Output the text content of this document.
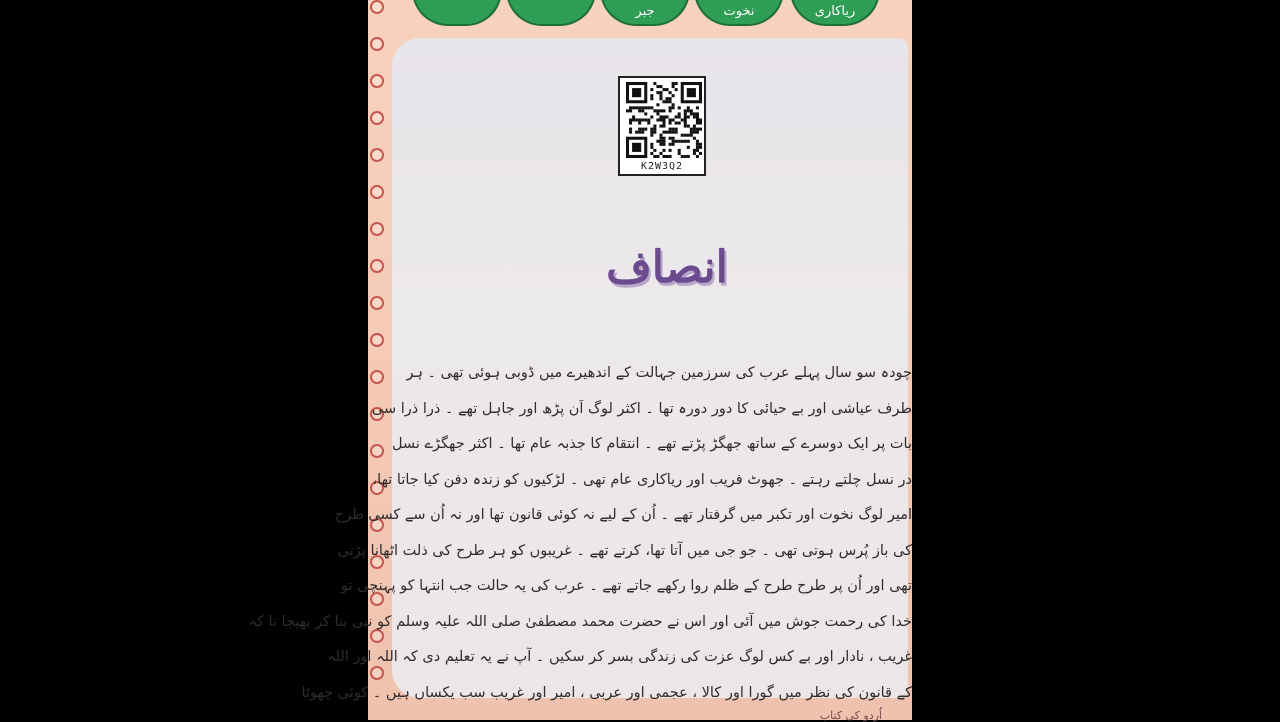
ریاکاری
نخوت
جبر
K2W3Q2
انصاف
چودہ سو سال پہلے عرب کی سرزمین جہالت کے اندھیرے میں ڈوبی ہوئی تھی ۔ ہر
طرف عیاشی اور بے حیائی کا دور دورہ تھا ۔ اکثر لوگ اَن پڑھ اور جاہل تھے ۔ ذرا ذرا سی
بات پر ایک دوسرے کے ساتھ جھگڑ پڑتے تھے ۔ انتقام کا جذبہ عام تھا ۔ اکثر جھگڑے نسل
در نسل چلتے رہتے ۔ جھوٹ فریب اور ریاکاری عام تھی ۔ لڑکیوں کو زندہ دفن کیا جاتا تھا،
امیر لوگ نخوت اور تکبر میں گرفتار تھے ۔ اُن کے لیے نہ کوئی قانون تھا اور نہ اُن سے کسی طرح
کی باز پُرس ہوتی تھی ۔ جو جی میں آتا تھا، کرتے تھے ۔ غریبوں کو ہر طرح کی ذلت اٹھانا پڑتی
تھی اور اُن پر طرح طرح کے ظلم روا رکھے جاتے تھے ۔ عرب کی یہ حالت جب انتہا کو پہنچی تو
خدا کی رحمت جوش میں آئی اور اس نے حضرت محمد مصطفیٰ صلی اللہ علیہ وسلم کو نبی بنا کر بھیجا تا کہ
غریب ، نادار اور بے کس لوگ عزت کی زندگی بسر کر سکیں ۔ آپ نے یہ تعلیم دی کہ اللہ اور اللہ
کے قانون کی نظر میں گورا اور کالا ، عجمی اور عربی ، امیر اور غریب سب یکساں ہیں ۔ کوئی چھوٹا
اُردو کی کتاب
